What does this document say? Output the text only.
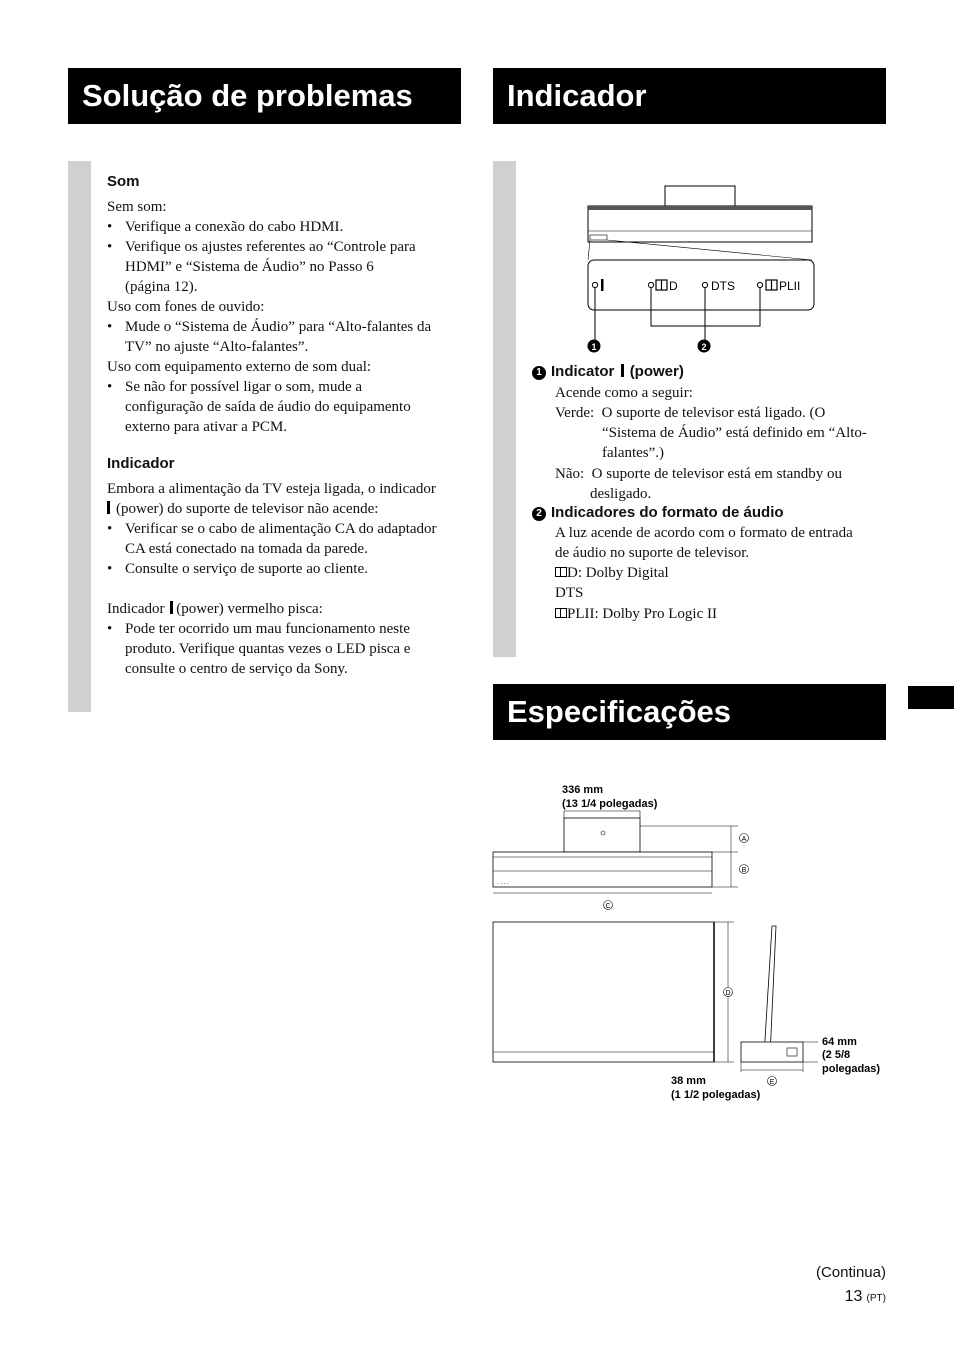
Solução de problemas	Indicador
Especificações
Som
Sem som:
• Verifique a conexão do cabo HDMI.
• Verifique os ajustes referentes ao “Controle para
HDMI” e “Sistema de Áudio” no Passo 6
(página 12).
Uso com fones de ouvido:
• Mude o “Sistema de Áudio” para “Alto-falantes da
TV” no ajuste “Alto-falantes”.
Uso com equipamento externo de som dual:
• Se não for possível ligar o som, mude a
configuração de saída de áudio do equipamento
externo para ativar a PCM.
Indicador
Embora a alimentação da TV esteja ligada, o indicador
(power) do suporte de televisor não acende:
• Verificar se o cabo de alimentação CA do adaptador
CA está conectado na tomada da parede.
• Consulte o serviço de suporte ao cliente.
Indicador (power) vermelho pisca:
• Pode ter ocorrido um mau funcionamento neste
produto. Verifique quantas vezes o LED pisca e
consulte o centro de serviço da Sony.
D	DTS	PLII
1	2
1 Indicator (power)
Acende como a seguir:
Verde:  O suporte de televisor está ligado. (O
“Sistema de Áudio” está definido em “Alto-
falantes”.)
Não:  O suporte de televisor está em standby ou
desligado.
2 Indicadores do formato de áudio
A luz acende de acordo com o formato de entrada
de áudio no suporte de televisor.
D: Dolby Digital
DTS
PLII: Dolby Pro Logic II
336 mm
(13 1/4 polegadas)
. . . .
A
B
C
D
64 mm
(2 5/8
polegadas)
E
38 mm
(1 1/2 polegadas)
(Continua)
13 (PT)
